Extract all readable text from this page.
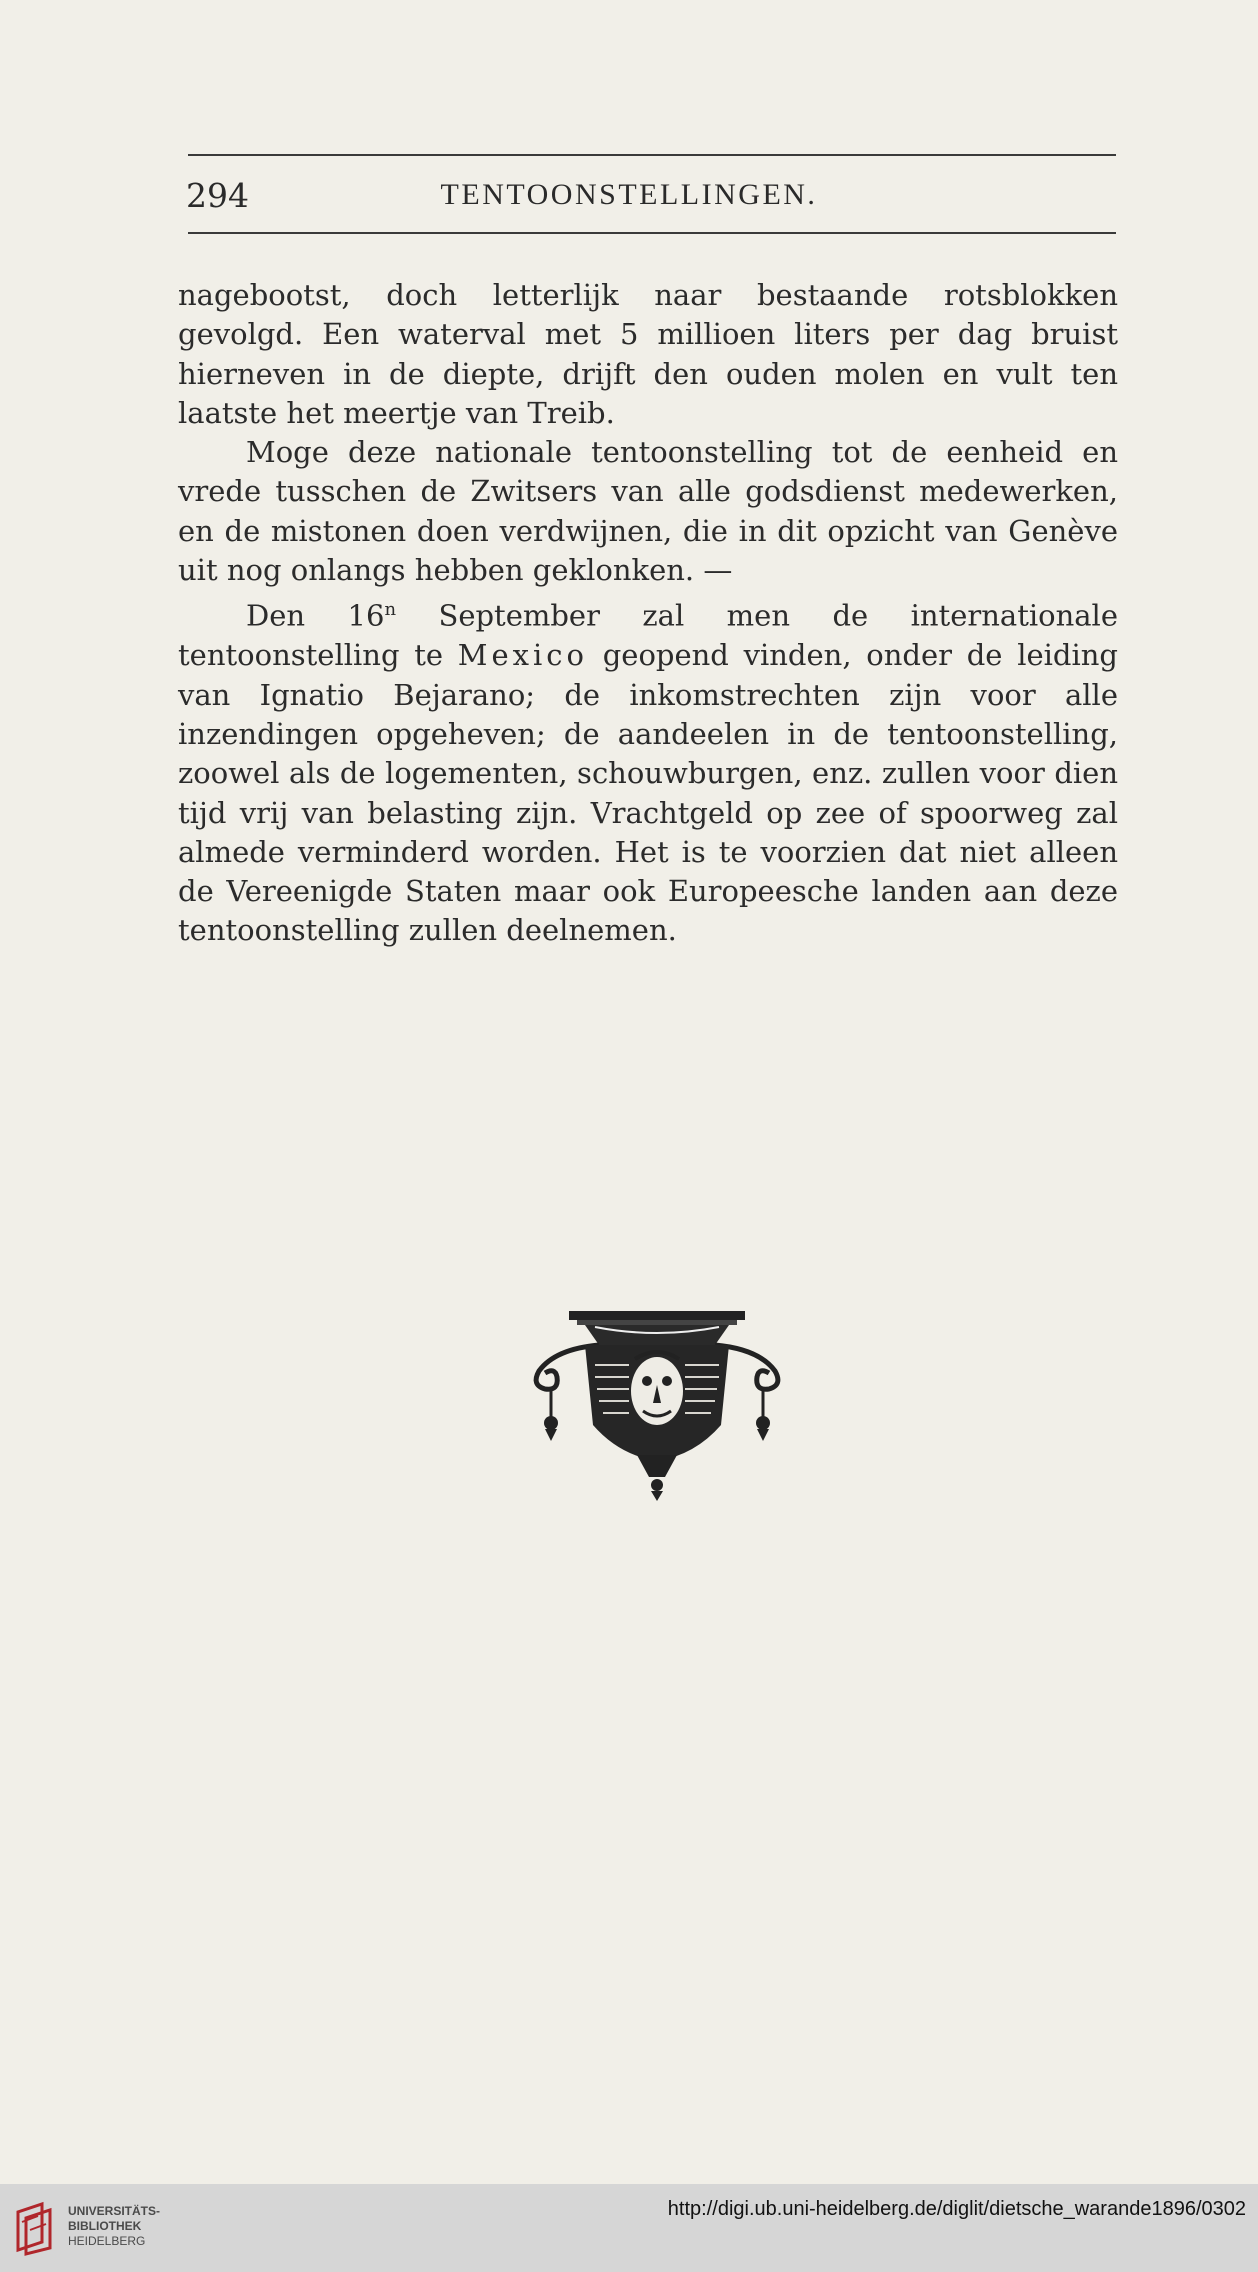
294	TENTOONSTELLINGEN.

nagebootst, doch letterlijk naar bestaande rotsblokken gevolgd. Een waterval met 5 millioen liters per dag bruist hierneven in de diepte, drijft den ouden molen en vult ten laatste het meertje van Treib.

Moge deze nationale tentoonstelling tot de eenheid en vrede tusschen de Zwitsers van alle godsdienst medewerken, en de mistonen doen verdwijnen, die in dit opzicht van Genève uit nog onlangs hebben geklonken. —

Den 16$^n$ September zal men de internationale tentoonstelling te Mexico geopend vinden, onder de leiding van Ignatio Bejarano; de inkomstrechten zijn voor alle inzendingen opgeheven; de aandeelen in de tentoonstelling, zoowel als de logementen, schouwburgen, enz. zullen voor dien tijd vrij van belasting zijn. Vrachtgeld op zee of spoorweg zal almede verminderd worden. Het is te voorzien dat niet alleen de Vereenigde Staten maar ook Europeesche landen aan deze tentoonstelling zullen deelnemen.

UNIVERSITÄTS-
BIBLIOTHEK
HEIDELBERG
http://digi.ub.uni-heidelberg.de/diglit/dietsche_warande1896/0302
